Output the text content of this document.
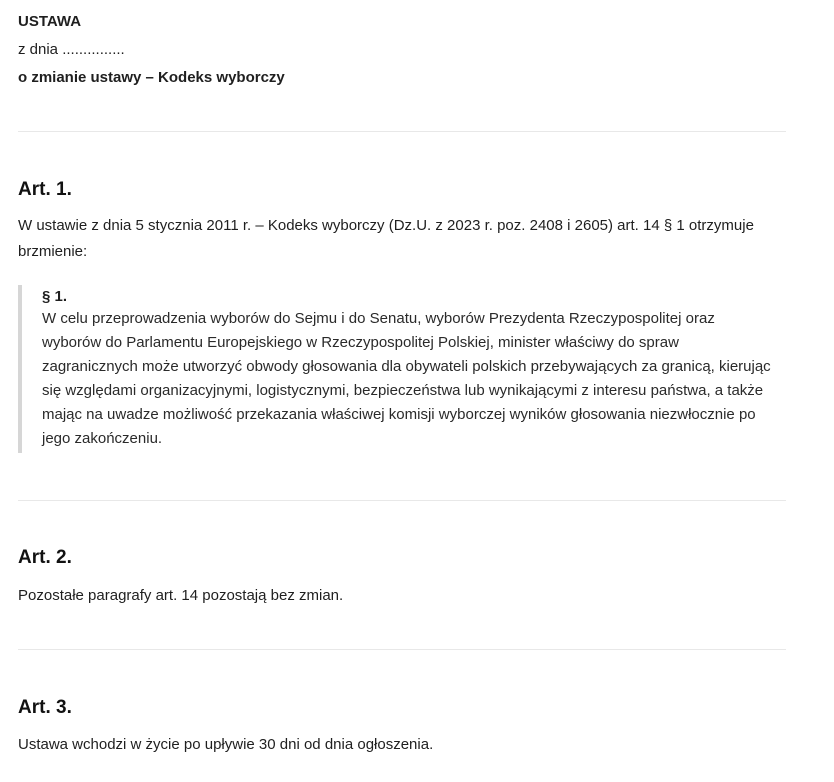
USTAWA
z dnia ...............
o zmianie ustawy – Kodeks wyborczy
Art. 1.
W ustawie z dnia 5 stycznia 2011 r. – Kodeks wyborczy (Dz.U. z 2023 r. poz. 2408 i 2605) art. 14 § 1 otrzymuje brzmienie:
§ 1.
W celu przeprowadzenia wyborów do Sejmu i do Senatu, wyborów Prezydenta Rzeczypospolitej oraz wyborów do Parlamentu Europejskiego w Rzeczypospolitej Polskiej, minister właściwy do spraw zagranicznych może utworzyć obwody głosowania dla obywateli polskich przebywających za granicą, kierując się względami organizacyjnymi, logistycznymi, bezpieczeństwa lub wynikającymi z interesu państwa, a także mając na uwadze możliwość przekazania właściwej komisji wyborczej wyników głosowania niezwłocznie po jego zakończeniu.
Art. 2.
Pozostałe paragrafy art. 14 pozostają bez zmian.
Art. 3.
Ustawa wchodzi w życie po upływie 30 dni od dnia ogłoszenia.
